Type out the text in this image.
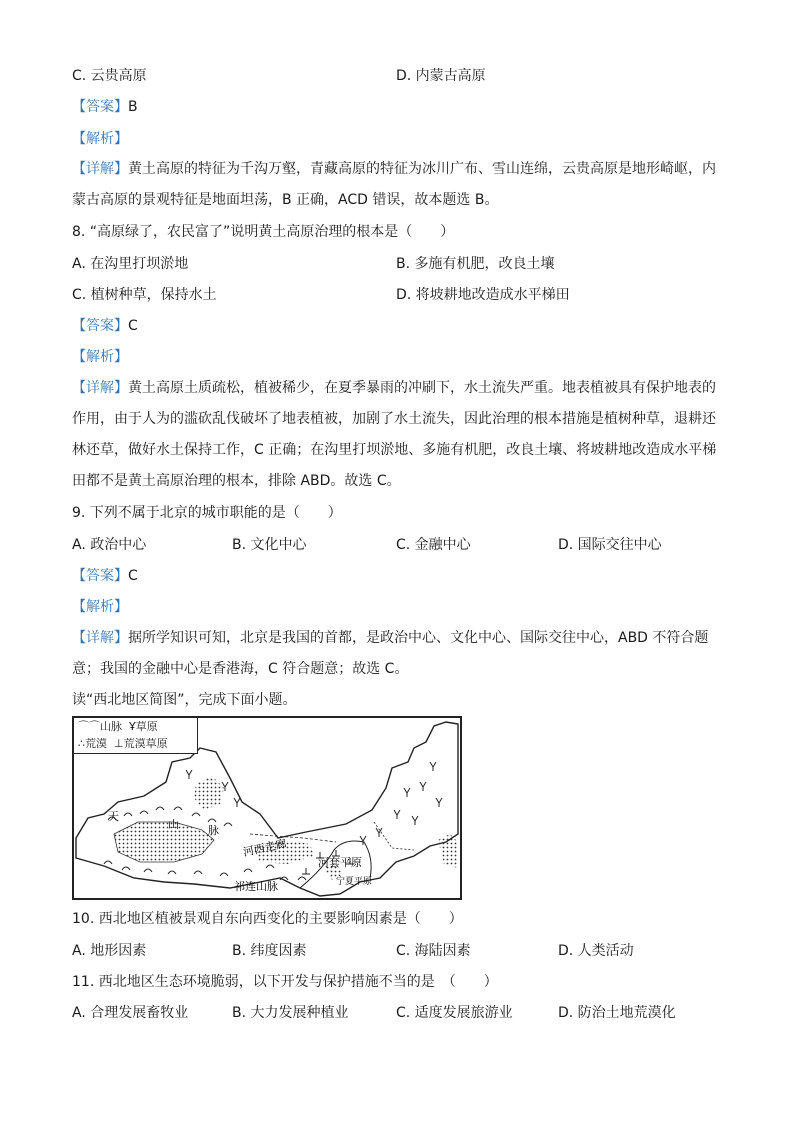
C. 云贵高原	D. 内蒙古高原
【答案】B
【解析】
【详解】黄土高原的特征为千沟万壑，青藏高原的特征为冰川广布、雪山连绵，云贵高原是地形崎岖，内
蒙古高原的景观特征是地面坦荡，B 正确，ACD 错误，故本题选 B。
8. “高原绿了，农民富了”说明黄土高原治理的根本是（　　）
A. 在沟里打坝淤地	B. 多施有机肥，改良土壤
C. 植树种草，保持水土	D. 将坡耕地改造成水平梯田
【答案】C
【解析】
【详解】黄土高原土质疏松，植被稀少，在夏季暴雨的冲刷下，水土流失严重。地表植被具有保护地表的
作用，由于人为的滥砍乱伐破坏了地表植被，加剧了水土流失，因此治理的根本措施是植树种草，退耕还
林还草，做好水土保持工作，C 正确；在沟里打坝淤地、多施有机肥，改良土壤、将坡耕地改造成水平梯
田都不是黄土高原治理的根本，排除 ABD。故选 C。
9. 下列不属于北京的城市职能的是（　　）
A. 政治中心	B. 文化中心	C. 金融中心	D. 国际交往中心
【答案】C
【解析】
【详解】据所学知识可知，北京是我国的首都，是政治中心、文化中心、国际交往中心，ABD 不符合题
意；我国的金融中心是香港海，C 符合题意；故选 C。
读“西北地区简图”，完成下面小题。
天
山	脉
河西走廊
祁连山脉
河套平原
宁夏平原
⌒⌒山脉 Ұ草原
∴荒漠 ⊥荒漠草原
10. 西北地区植被景观自东向西变化的主要影响因素是（　　）
A. 地形因素	B. 纬度因素	C. 海陆因素	D. 人类活动
11. 西北地区生态环境脆弱，以下开发与保护措施不当的是　（　　）
A. 合理发展畜牧业	B. 大力发展种植业	C. 适度发展旅游业	D. 防治土地荒漠化
